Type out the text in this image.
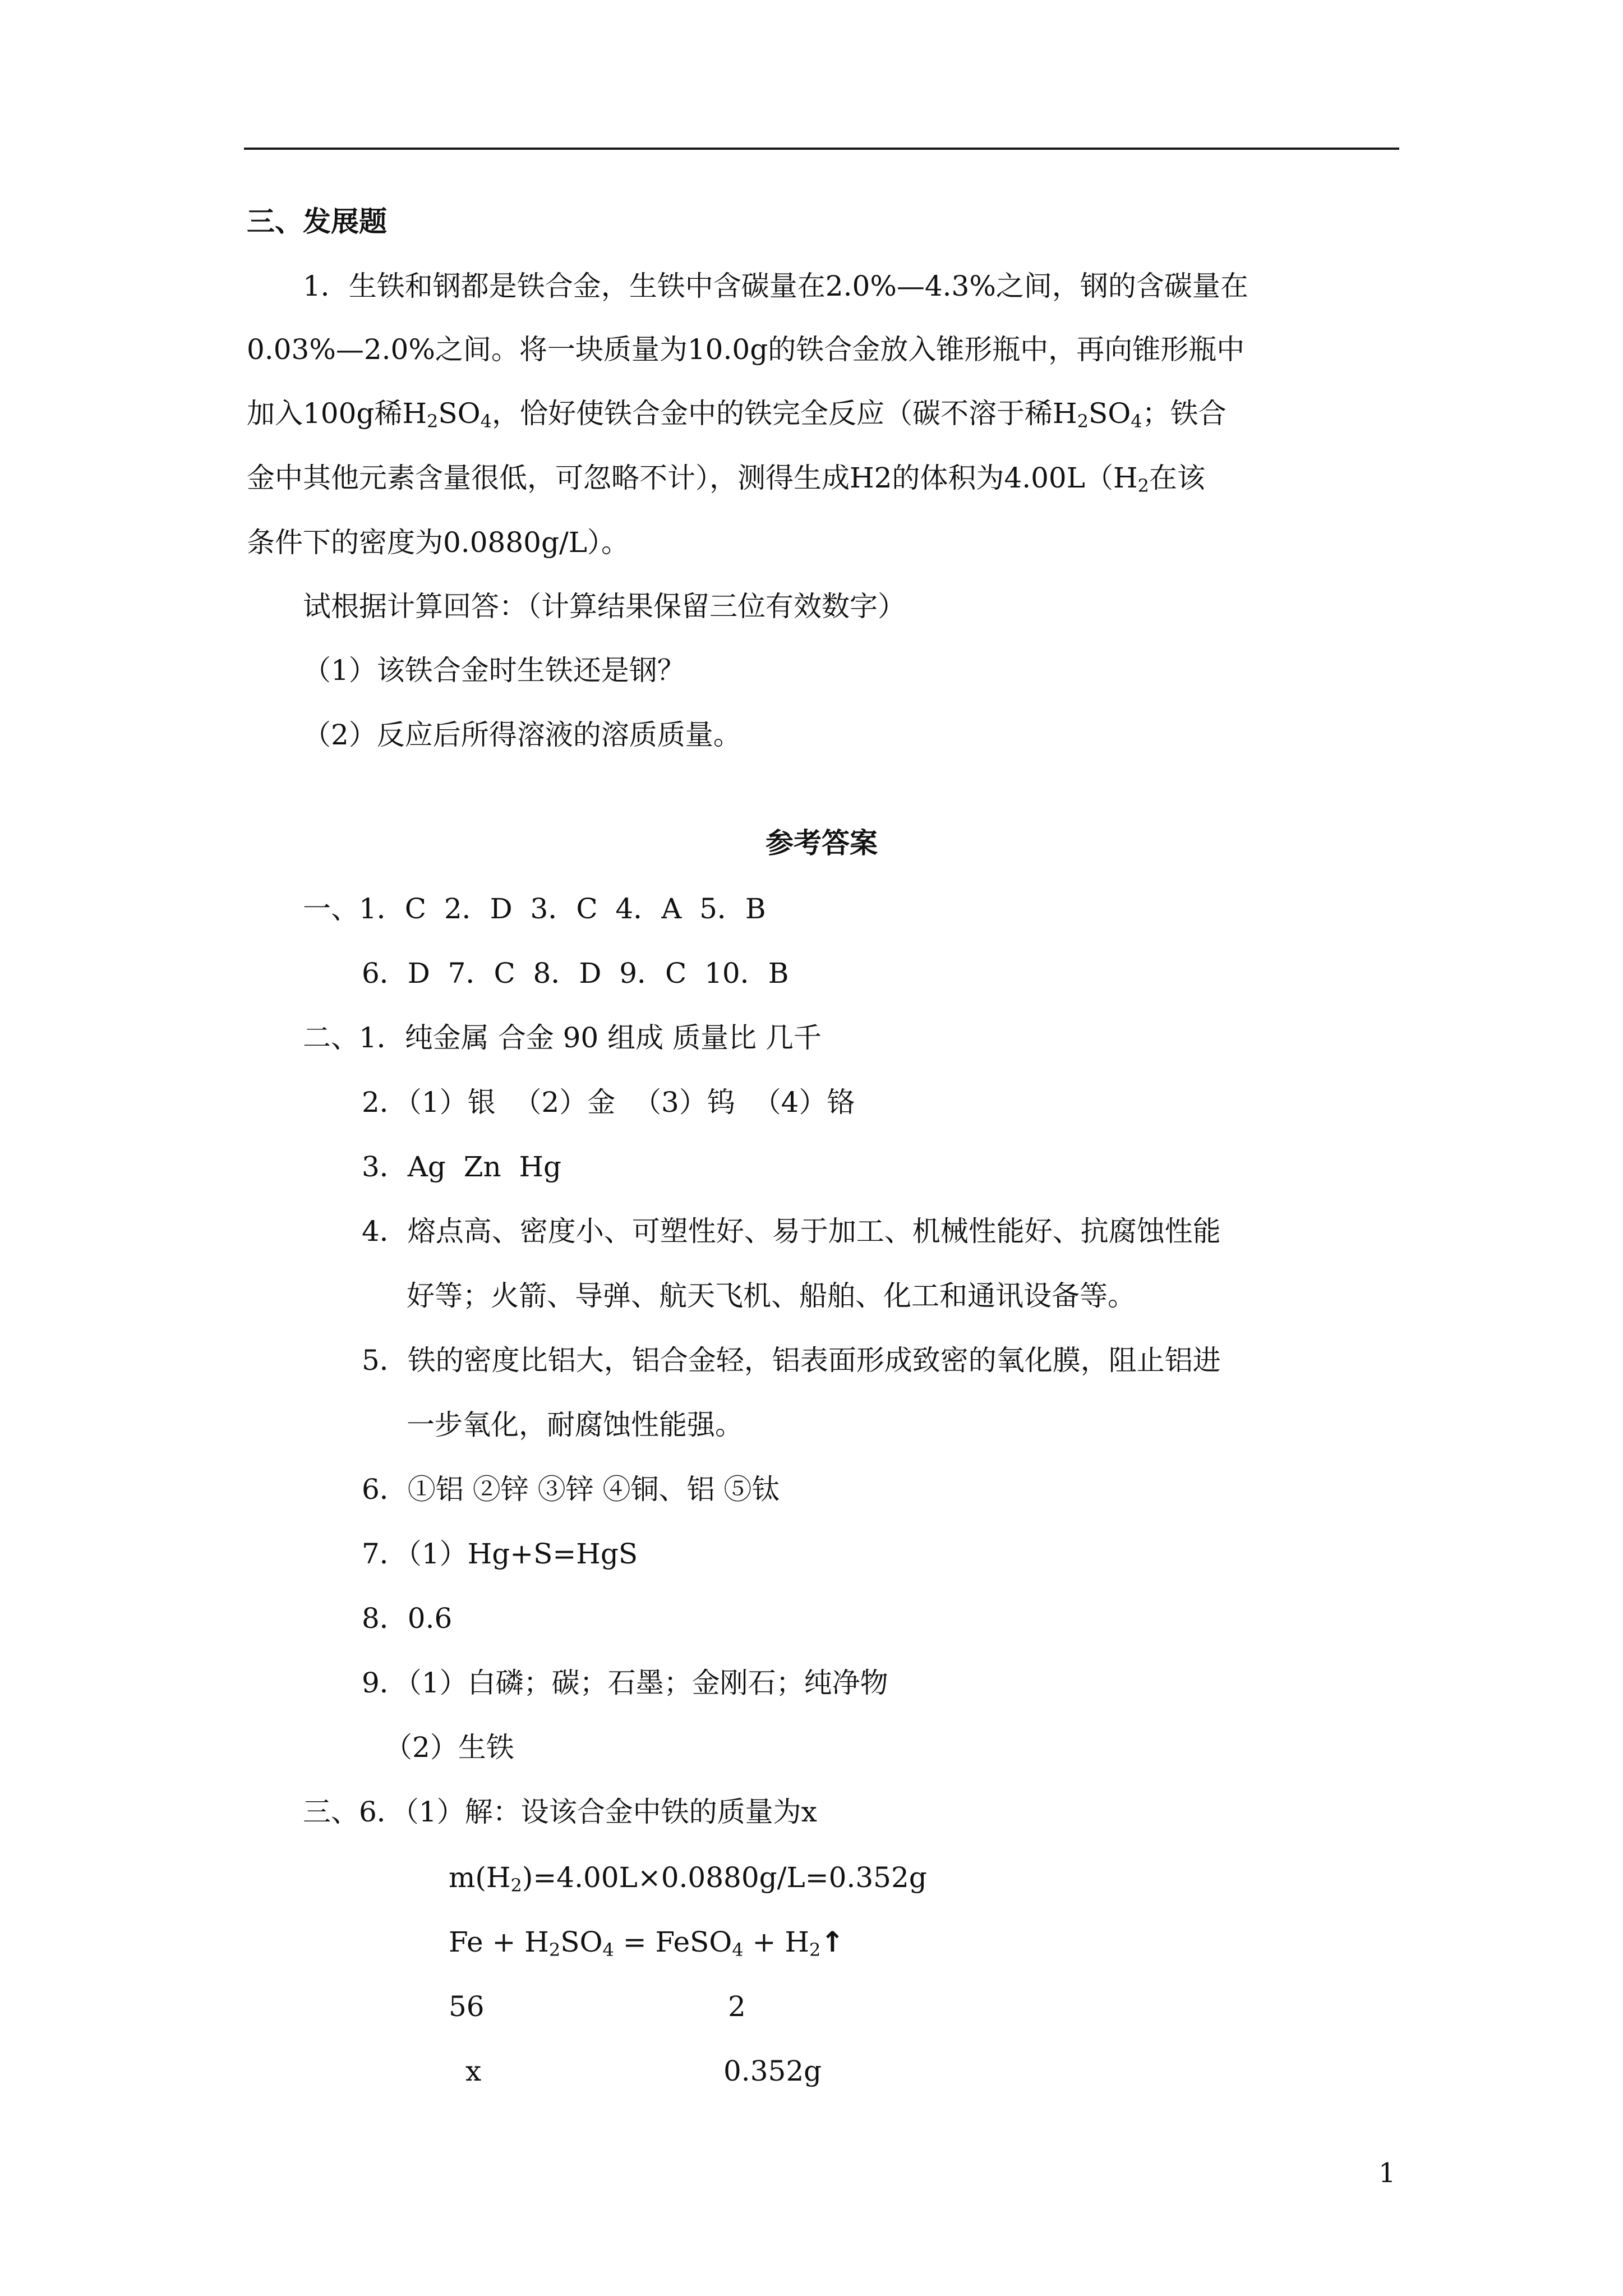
三、发展题
1．生铁和钢都是铁合金，生铁中含碳量在2.0%—4.3%之间，钢的含碳量在
0.03%—2.0%之间。将一块质量为10.0g的铁合金放入锥形瓶中，再向锥形瓶中
加入100g稀$H_2SO_4$，恰好使铁合金中的铁完全反应（碳不溶于稀$H_2SO_4$；铁合
金中其他元素含量很低，可忽略不计），测得生成H2的体积为$4.00L(H_2$在该
条件下的密度为0.0880g/L）。
试根据计算回答：（计算结果保留三位有效数字）
（1）该铁合金时生铁还是钢？
（2）反应后所得溶液的溶质质量。
参考答案
一、1．C  2．D  3．C  4．A  5．B
6．D  7．C  8．D  9．C  10．B
二、1．纯金属 合金 90 组成 质量比 几千
2．（1）银  （2）金  （3）钨  （4）铬
3．Ag  Zn  Hg
4．熔点高、密度小、可塑性好、易于加工、机械性能好、抗腐蚀性能
好等；火箭、导弹、航天飞机、船舶、化工和通讯设备等。
5．铁的密度比铝大，铝合金轻，铝表面形成致密的氧化膜，阻止铝进
一步氧化，耐腐蚀性能强。
6．①铝 ②锌 ③锌 ④铜、铝 ⑤钛
7．（1）Hg+S=HgS
8．0.6
9．（1）白磷；碳；石墨；金刚石；纯净物
（2）生铁
三、6．（1）解：设该合金中铁的质量为x
$m(H_2)=4.00L\times 0.0880g/L=0.352g$
$Fe + H_2SO_4$ = FeSO$_4$ + $H_2↑$
56	2
x	0.352g
1
